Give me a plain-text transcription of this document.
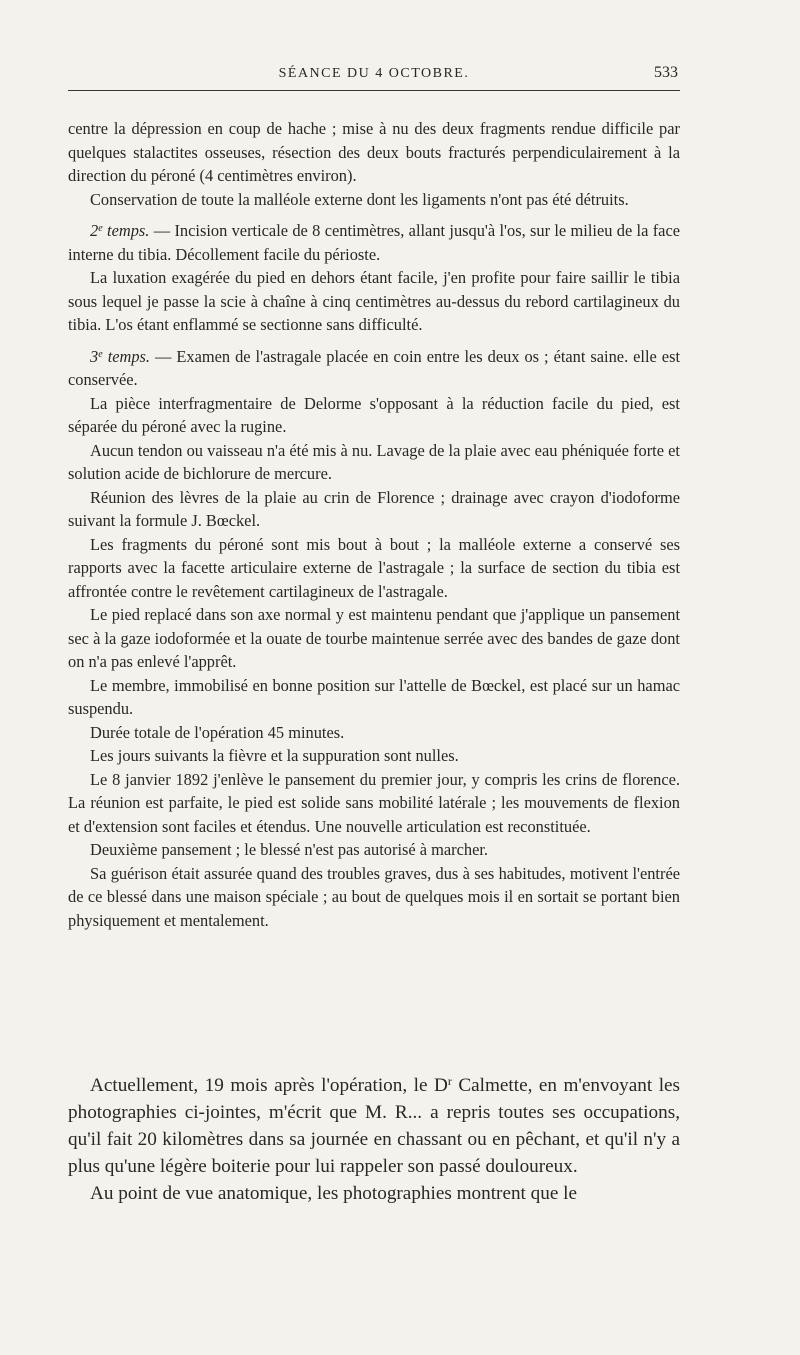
SÉANCE DU 4 OCTOBRE.	533

centre la dépression en coup de hache ; mise à nu des deux fragments rendue difficile par quelques stalactites osseuses, résection des deux bouts fracturés perpendiculairement à la direction du péroné (4 centimètres environ).

Conservation de toute la malléole externe dont les ligaments n'ont pas été détruits.

2e temps. — Incision verticale de 8 centimètres, allant jusqu'à l'os, sur le milieu de la face interne du tibia. Décollement facile du périoste.

La luxation exagérée du pied en dehors étant facile, j'en profite pour faire saillir le tibia sous lequel je passe la scie à chaîne à cinq centimètres au-dessus du rebord cartilagineux du tibia. L'os étant enflammé se sectionne sans difficulté.

3e temps. — Examen de l'astragale placée en coin entre les deux os ; étant saine. elle est conservée.

La pièce interfragmentaire de Delorme s'opposant à la réduction facile du pied, est séparée du péroné avec la rugine.

Aucun tendon ou vaisseau n'a été mis à nu. Lavage de la plaie avec eau phéniquée forte et solution acide de bichlorure de mercure.

Réunion des lèvres de la plaie au crin de Florence ; drainage avec crayon d'iodoforme suivant la formule J. Bœckel.

Les fragments du péroné sont mis bout à bout ; la malléole externe a conservé ses rapports avec la facette articulaire externe de l'astragale ; la surface de section du tibia est affrontée contre le revêtement cartilagineux de l'astragale.

Le pied replacé dans son axe normal y est maintenu pendant que j'applique un pansement sec à la gaze iodoformée et la ouate de tourbe maintenue serrée avec des bandes de gaze dont on n'a pas enlevé l'apprêt.

Le membre, immobilisé en bonne position sur l'attelle de Bœckel, est placé sur un hamac suspendu.

Durée totale de l'opération 45 minutes.

Les jours suivants la fièvre et la suppuration sont nulles.

Le 8 janvier 1892 j'enlève le pansement du premier jour, y compris les crins de florence. La réunion est parfaite, le pied est solide sans mobilité latérale ; les mouvements de flexion et d'extension sont faciles et étendus. Une nouvelle articulation est reconstituée.

Deuxième pansement ; le blessé n'est pas autorisé à marcher.

Sa guérison était assurée quand des troubles graves, dus à ses habitudes, motivent l'entrée de ce blessé dans une maison spéciale ; au bout de quelques mois il en sortait se portant bien physiquement et mentalement.

Actuellement, 19 mois après l'opération, le $D^r$ Calmette, en m'envoyant les photographies ci-jointes, m'écrit que M. R... a repris toutes ses occupations, qu'il fait 20 kilomètres dans sa journée en chassant ou en pêchant, et qu'il n'y a plus qu'une légère boiterie pour lui rappeler son passé douloureux.

Au point de vue anatomique, les photographies montrent que le
